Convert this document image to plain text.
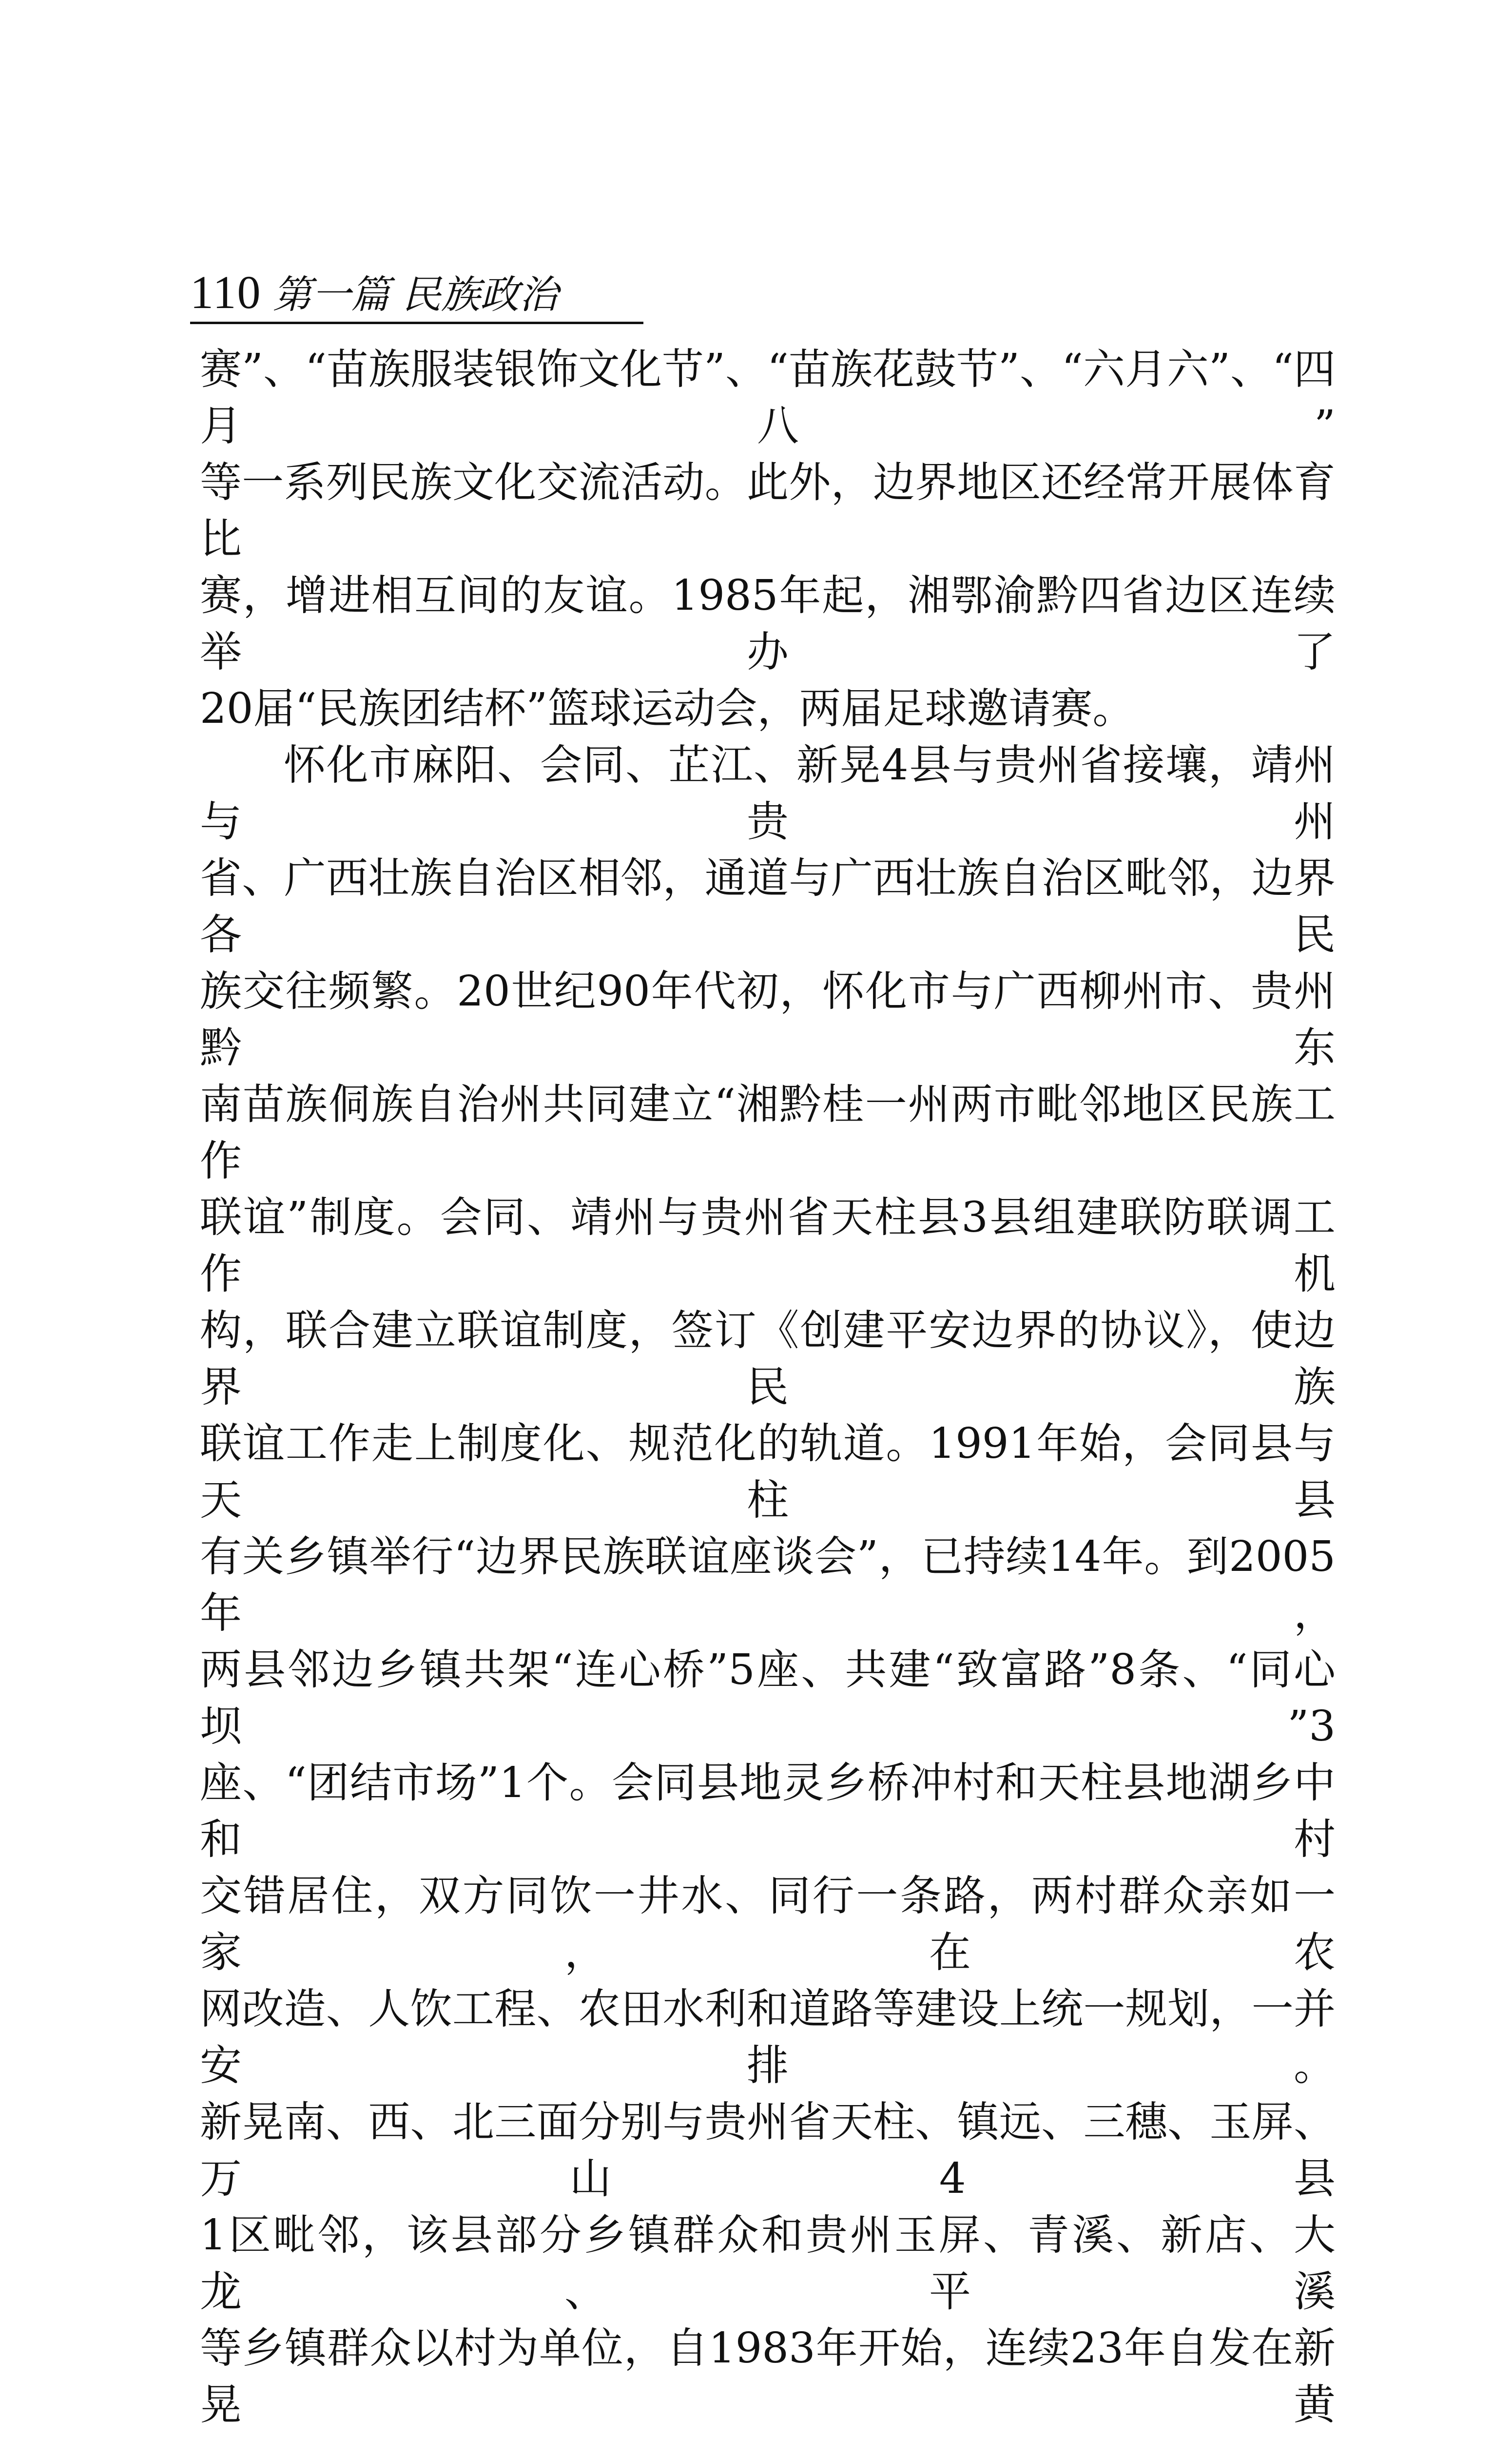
110 第一篇 民族政治

赛”、“苗族服装银饰文化节”、“苗族花鼓节”、“六月六”、“四月八”

等一系列民族文化交流活动。此外，边界地区还经常开展体育比

赛，增进相互间的友谊。1985年起，湘鄂渝黔四省边区连续举办了

20届“民族团结杯”篮球运动会，两届足球邀请赛。

怀化市麻阳、会同、芷江、新晃4县与贵州省接壤，靖州与贵州

省、广西壮族自治区相邻，通道与广西壮族自治区毗邻，边界各民

族交往频繁。20世纪90年代初，怀化市与广西柳州市、贵州黔东

南苗族侗族自治州共同建立“湘黔桂一州两市毗邻地区民族工作

联谊”制度。会同、靖州与贵州省天柱县3县组建联防联调工作机

构，联合建立联谊制度，签订《创建平安边界的协议》，使边界民族

联谊工作走上制度化、规范化的轨道。1991年始，会同县与天柱县

有关乡镇举行“边界民族联谊座谈会”，已持续14年。到2005年，

两县邻边乡镇共架“连心桥”5座、共建“致富路”8条、“同心坝”3

座、“团结市场”1个。会同县地灵乡桥冲村和天柱县地湖乡中和村

交错居住，双方同饮一井水、同行一条路，两村群众亲如一家，在农

网改造、人饮工程、农田水利和道路等建设上统一规划，一并安排。

新晃南、西、北三面分别与贵州省天柱、镇远、三穗、玉屏、万山4县

1区毗邻，该县部分乡镇群众和贵州玉屏、青溪、新店、大龙、平溪

等乡镇群众以村为单位，自1983年开始，连续23年自发在新晃黄
